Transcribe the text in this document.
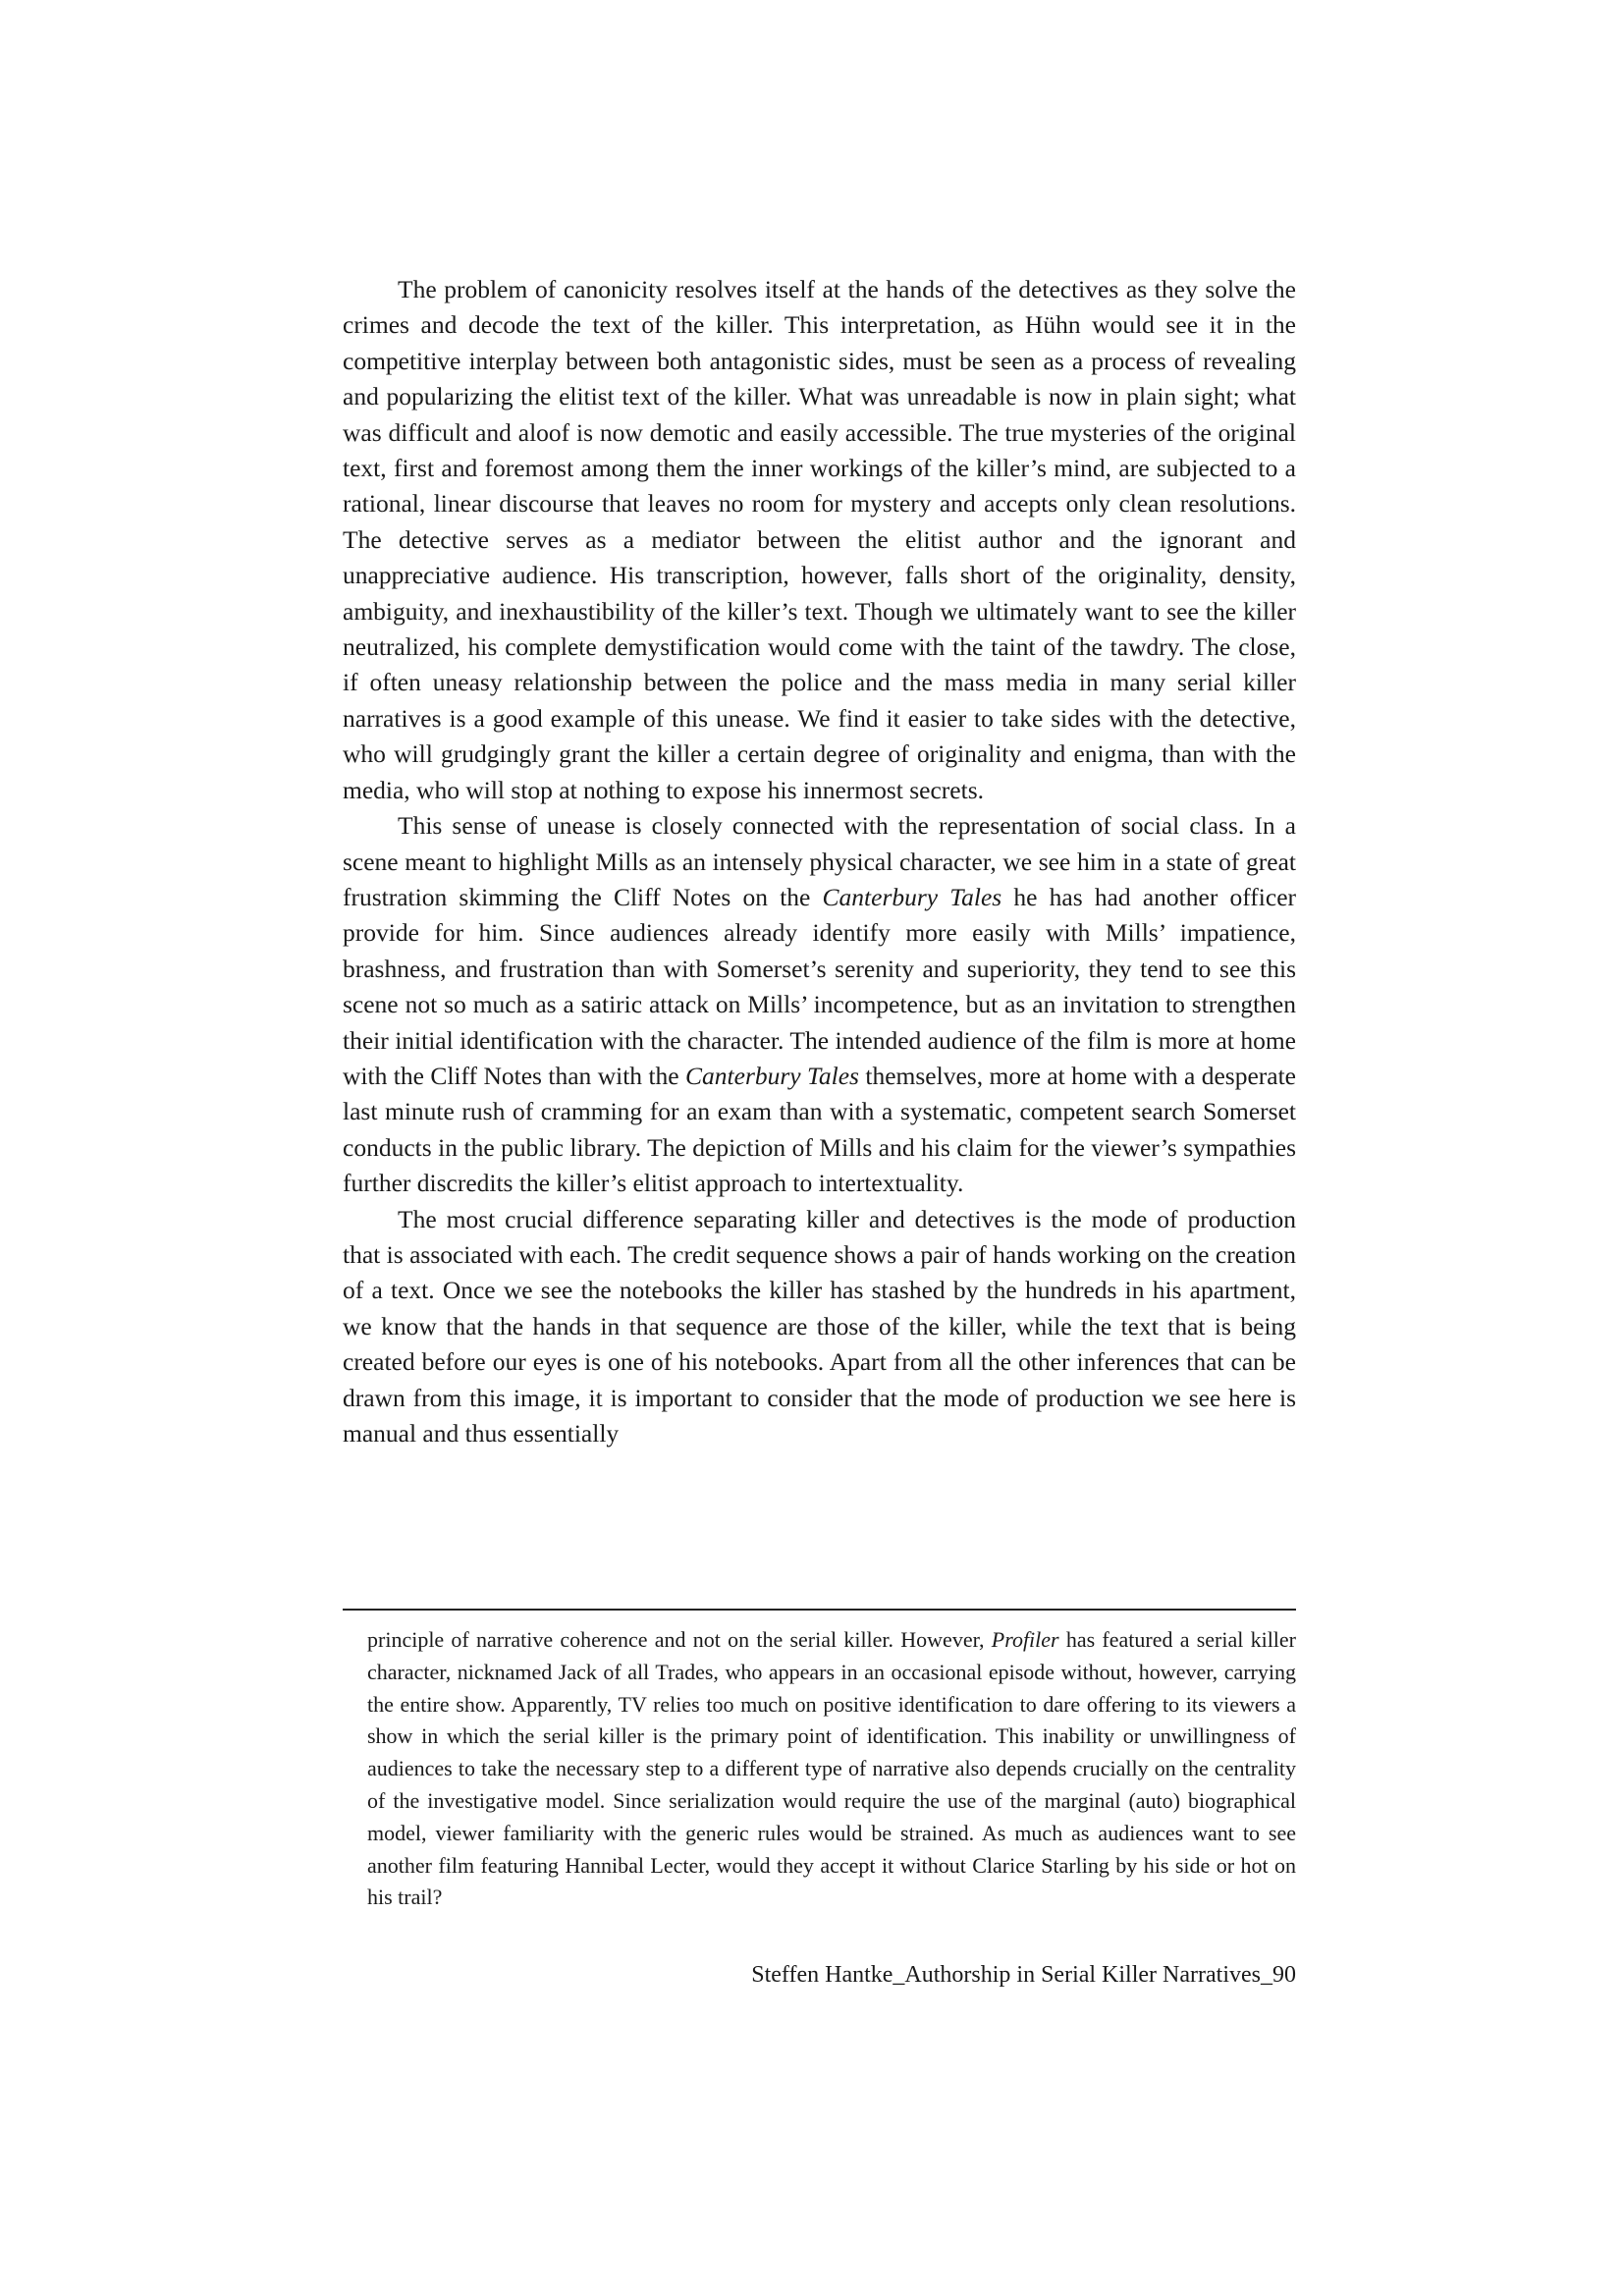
The problem of canonicity resolves itself at the hands of the detectives as they solve the crimes and decode the text of the killer. This interpretation, as Hühn would see it in the competitive interplay between both antagonistic sides, must be seen as a process of revealing and popularizing the elitist text of the killer. What was unreadable is now in plain sight; what was difficult and aloof is now demotic and easily accessible. The true mysteries of the original text, first and foremost among them the inner workings of the killer’s mind, are subjected to a rational, linear discourse that leaves no room for mystery and accepts only clean resolutions. The detective serves as a mediator between the elitist author and the ignorant and unappreciative audience. His transcription, however, falls short of the originality, density, ambiguity, and inexhaustibility of the killer’s text. Though we ultimately want to see the killer neutralized, his complete demystification would come with the taint of the tawdry. The close, if often uneasy relationship between the police and the mass media in many serial killer narratives is a good example of this unease. We find it easier to take sides with the detective, who will grudgingly grant the killer a certain degree of originality and enigma, than with the media, who will stop at nothing to expose his innermost secrets.

This sense of unease is closely connected with the representation of social class. In a scene meant to highlight Mills as an intensely physical character, we see him in a state of great frustration skimming the Cliff Notes on the Canterbury Tales he has had another officer provide for him. Since audiences already identify more easily with Mills’ impatience, brashness, and frustration than with Somerset’s serenity and superiority, they tend to see this scene not so much as a satiric attack on Mills’ incompetence, but as an invitation to strengthen their initial identification with the character. The intended audience of the film is more at home with the Cliff Notes than with the Canterbury Tales themselves, more at home with a desperate last minute rush of cramming for an exam than with a systematic, competent search Somerset conducts in the public library. The depiction of Mills and his claim for the viewer’s sympathies further discredits the killer’s elitist approach to intertextuality.

The most crucial difference separating killer and detectives is the mode of production that is associated with each. The credit sequence shows a pair of hands working on the creation of a text. Once we see the notebooks the killer has stashed by the hundreds in his apartment, we know that the hands in that sequence are those of the killer, while the text that is being created before our eyes is one of his notebooks. Apart from all the other inferences that can be drawn from this image, it is important to consider that the mode of production we see here is manual and thus essentially

principle of narrative coherence and not on the serial killer. However, Profiler has featured a serial killer character, nicknamed Jack of all Trades, who appears in an occasional episode without, however, carrying the entire show. Apparently, TV relies too much on positive identification to dare offering to its viewers a show in which the serial killer is the primary point of identification. This inability or unwillingness of audiences to take the necessary step to a different type of narrative also depends crucially on the centrality of the investigative model. Since serialization would require the use of the marginal (auto) biographical model, viewer familiarity with the generic rules would be strained. As much as audiences want to see another film featuring Hannibal Lecter, would they accept it without Clarice Starling by his side or hot on his trail?

Steffen Hantke_Authorship in Serial Killer Narratives_90
